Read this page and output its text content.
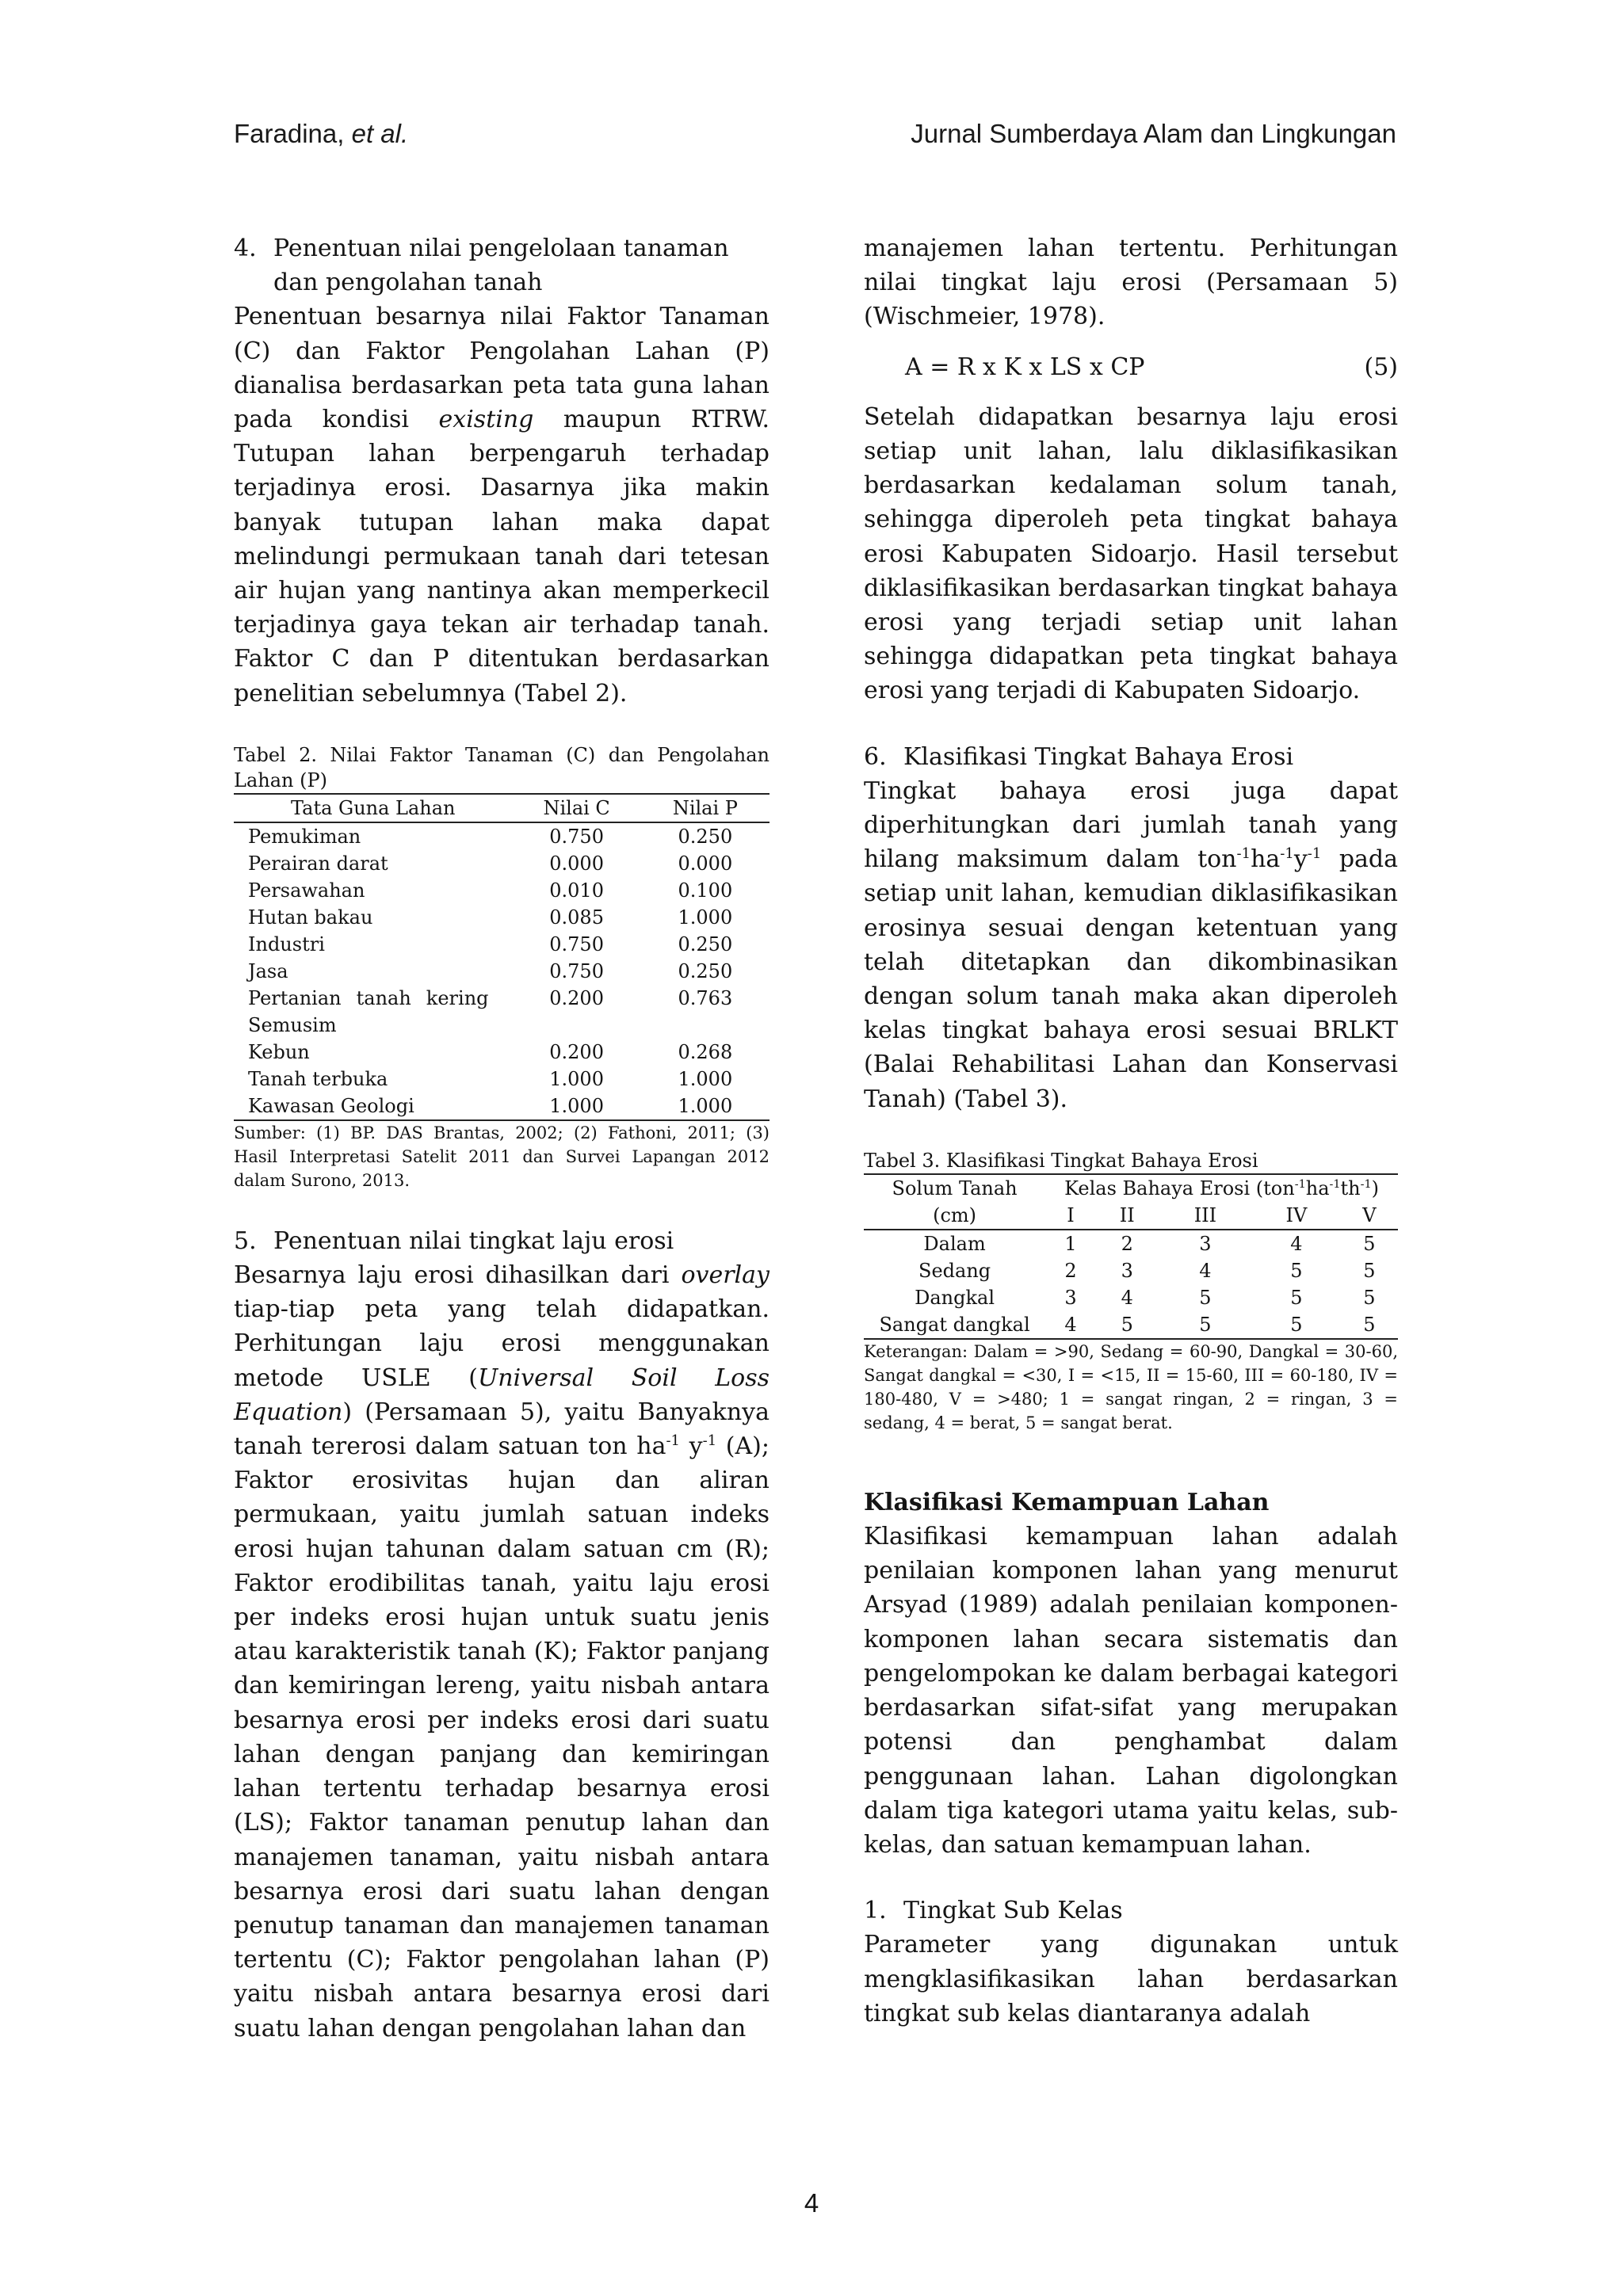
Faradina, et al.	Jurnal Sumberdaya Alam dan Lingkungan
4. Penentuan nilai pengelolaan tanaman dan pengolahan tanah

Penentuan besarnya nilai Faktor Tanaman (C) dan Faktor Pengolahan Lahan (P) dianalisa berdasarkan peta tata guna lahan pada kondisi existing maupun RTRW. Tutupan lahan berpengaruh terhadap terjadinya erosi. Dasarnya jika makin banyak tutupan lahan maka dapat melindungi permukaan tanah dari tetesan air hujan yang nantinya akan memperkecil terjadinya gaya tekan air terhadap tanah. Faktor C dan P ditentukan berdasarkan penelitian sebelumnya (Tabel 2).

Tabel 2. Nilai Faktor Tanaman (C) dan Pengolahan Lahan (P)

Tata Guna Lahan	Nilai C	Nilai P
Pemukiman	0.750	0.250
Perairan darat	0.000	0.000
Persawahan	0.010	0.100
Hutan bakau	0.085	1.000
Industri	0.750	0.250
Jasa	0.750	0.250
Pertanian tanah kering Semusim	0.200	0.763
Kebun	0.200	0.268
Tanah terbuka	1.000	1.000
Kawasan Geologi	1.000	1.000

Sumber: (1) BP. DAS Brantas, 2002; (2) Fathoni, 2011; (3) Hasil Interpretasi Satelit 2011 dan Survei Lapangan 2012 dalam Surono, 2013.

5. Penentuan nilai tingkat laju erosi

Besarnya laju erosi dihasilkan dari overlay tiap-tiap peta yang telah didapatkan. Perhitungan laju erosi menggunakan metode USLE (Universal Soil Loss Equation) (Persamaan 5), yaitu Banyaknya tanah tererosi dalam satuan ton $ha^{-1}$ $y^{-1}$ (A); Faktor erosivitas hujan dan aliran permukaan, yaitu jumlah satuan indeks erosi hujan tahunan dalam satuan cm (R); Faktor erodibilitas tanah, yaitu laju erosi per indeks erosi hujan untuk suatu jenis atau karakteristik tanah (K); Faktor panjang dan kemiringan lereng, yaitu nisbah antara besarnya erosi per indeks erosi dari suatu lahan dengan panjang dan kemiringan lahan tertentu terhadap besarnya erosi (LS); Faktor tanaman penutup lahan dan manajemen tanaman, yaitu nisbah antara besarnya erosi dari suatu lahan dengan penutup tanaman dan manajemen tanaman tertentu (C); Faktor pengolahan lahan (P) yaitu nisbah antara besarnya erosi dari suatu lahan dengan pengolahan lahan dan

manajemen lahan tertentu. Perhitungan nilai tingkat laju erosi (Persamaan 5) (Wischmeier, 1978).

A = R x K x LS x CP	(5)

Setelah didapatkan besarnya laju erosi setiap unit lahan, lalu diklasifikasikan berdasarkan kedalaman solum tanah, sehingga diperoleh peta tingkat bahaya erosi Kabupaten Sidoarjo. Hasil tersebut diklasifikasikan berdasarkan tingkat bahaya erosi yang terjadi setiap unit lahan sehingga didapatkan peta tingkat bahaya erosi yang terjadi di Kabupaten Sidoarjo.

6. Klasifikasi Tingkat Bahaya Erosi

Tingkat bahaya erosi juga dapat diperhitungkan dari jumlah tanah yang hilang maksimum dalam $ton^{-1}ha^{-1}y^{-1}$ pada setiap unit lahan, kemudian diklasifikasikan erosinya sesuai dengan ketentuan yang telah ditetapkan dan dikombinasikan dengan solum tanah maka akan diperoleh kelas tingkat bahaya erosi sesuai BRLKT (Balai Rehabilitasi Lahan dan Konservasi Tanah) (Tabel 3).

Tabel 3. Klasifikasi Tingkat Bahaya Erosi

Solum Tanah	Kelas Bahaya Erosi $(ton^{-1}ha^{-1}th^{-1})$				
(cm)	I	II	III	IV	V
Dalam	1	2	3	4	5
Sedang	2	3	4	5	5
Dangkal	3	4	5	5	5
Sangat dangkal	4	5	5	5	5

Keterangan: Dalam = >90, Sedang = 60-90, Dangkal = 30-60, Sangat dangkal = <30, I = <15, II = 15-60, III = 60-180, IV = 180-480, V = >480; 1 = sangat ringan, 2 = ringan, 3 = sedang, 4 = berat, 5 = sangat berat.

Klasifikasi Kemampuan Lahan

Klasifikasi kemampuan lahan adalah penilaian komponen lahan yang menurut Arsyad (1989) adalah penilaian komponen-komponen lahan secara sistematis dan pengelompokan ke dalam berbagai kategori berdasarkan sifat-sifat yang merupakan potensi dan penghambat dalam penggunaan lahan. Lahan digolongkan dalam tiga kategori utama yaitu kelas, sub-kelas, dan satuan kemampuan lahan.

1. Tingkat Sub Kelas

Parameter yang digunakan untuk mengklasifikasikan lahan berdasarkan tingkat sub kelas diantaranya adalah

4
